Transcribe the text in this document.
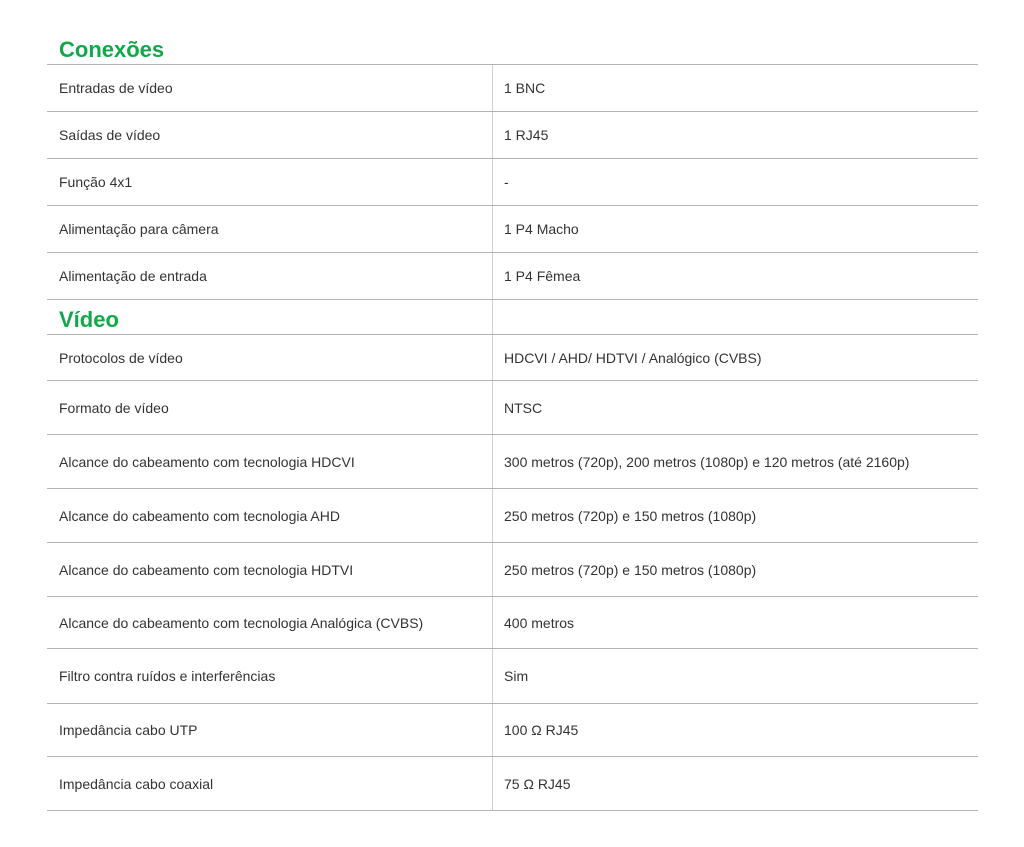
Conexões
Entradas de vídeo	1 BNC
Saídas de vídeo	1 RJ45
Função 4x1	-
Alimentação para câmera	1 P4 Macho
Alimentação de entrada	1 P4 Fêmea
Vídeo
Protocolos de vídeo	HDCVI / AHD/ HDTVI / Analógico (CVBS)
Formato de vídeo	NTSC
Alcance do cabeamento com tecnologia HDCVI	300 metros (720p), 200 metros (1080p) e 120 metros (até 2160p)
Alcance do cabeamento com tecnologia AHD	250 metros (720p) e 150 metros (1080p)
Alcance do cabeamento com tecnologia HDTVI	250 metros (720p) e 150 metros (1080p)
Alcance do cabeamento com tecnologia Analógica (CVBS)	400 metros
Filtro contra ruídos e interferências	Sim
Impedância cabo UTP	100 Ω RJ45
Impedância cabo coaxial	75 Ω RJ45
